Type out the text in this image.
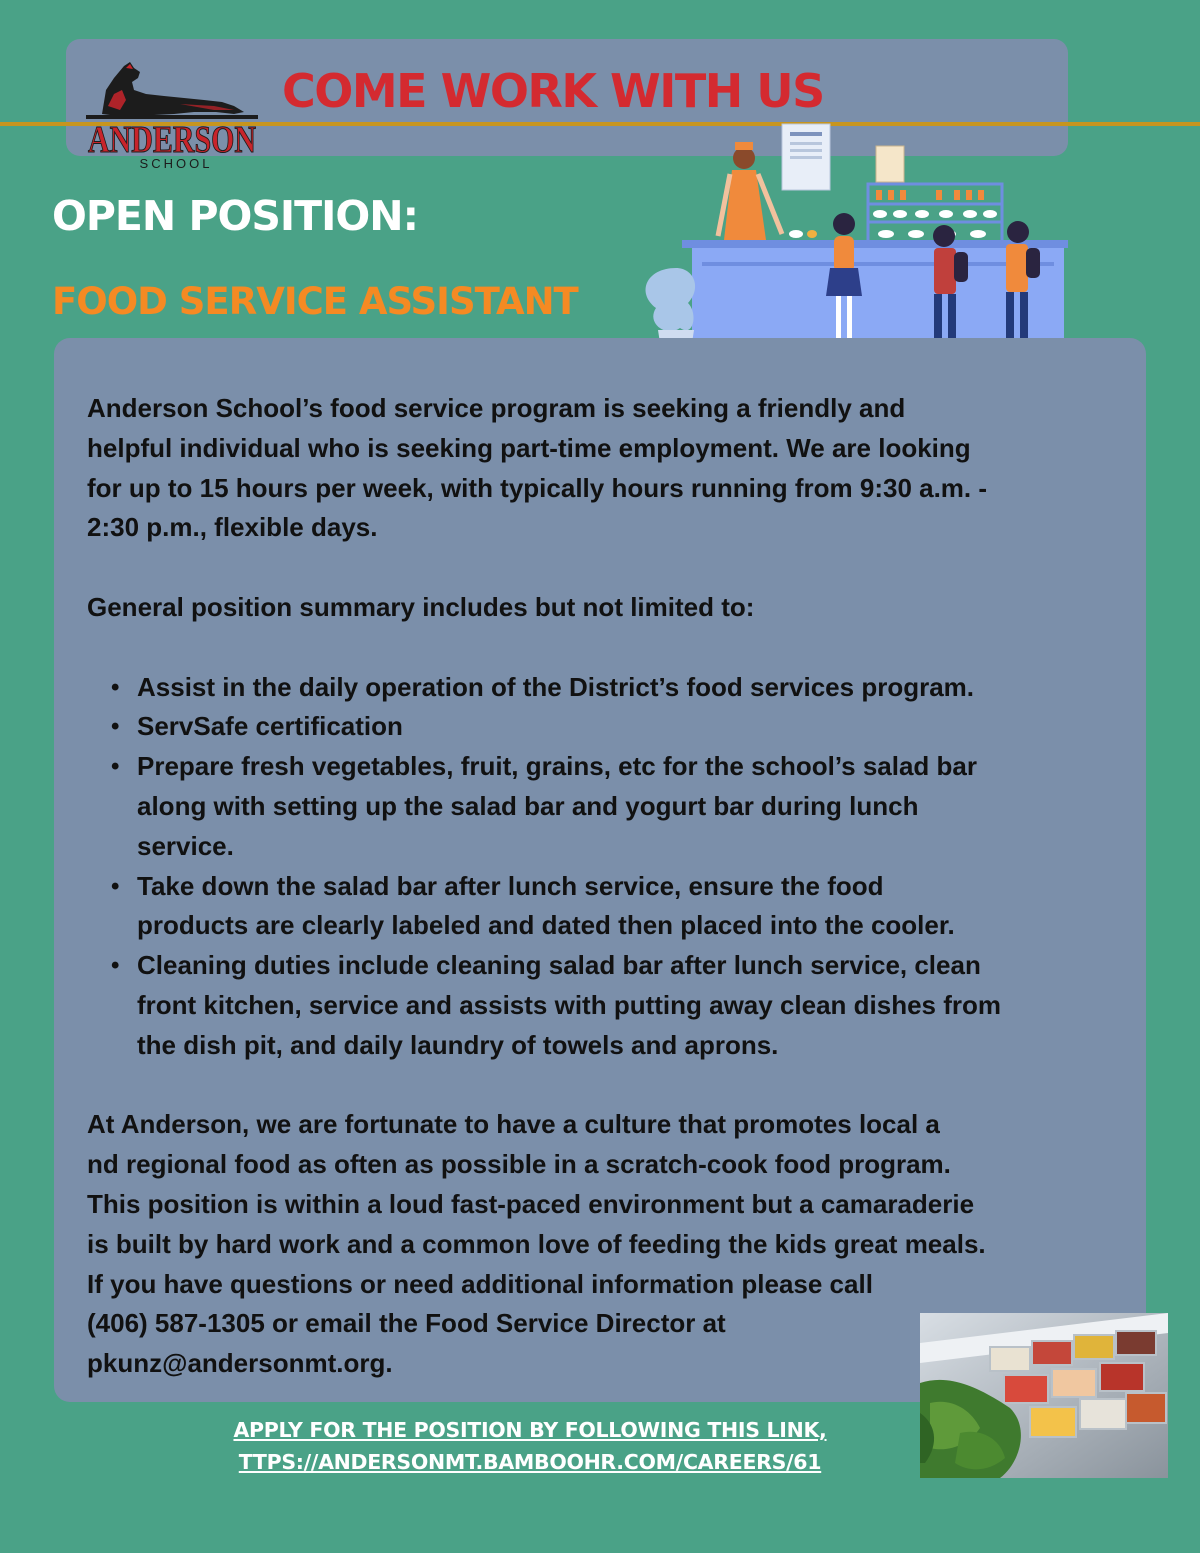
ANDERSON
SCHOOL
COME WORK WITH US
OPEN POSITION:
FOOD SERVICE ASSISTANT

Anderson School’s food service program is seeking a friendly and

helpful individual who is seeking part-time employment. We are looking

for up to 15 hours per week, with typically hours running from 9:30 a.m. -

2:30 p.m., flexible days.

General position summary includes but not limited to:

• Assist in the daily operation of the District’s food services program.

• ServSafe certification

• Prepare fresh vegetables, fruit, grains, etc for the school’s salad bar

along with setting up the salad bar and yogurt bar during lunch

service.

• Take down the salad bar after lunch service, ensure the food

products are clearly labeled and dated then placed into the cooler.

• Cleaning duties include cleaning salad bar after lunch service, clean

front kitchen, service and assists with putting away clean dishes from

the dish pit, and daily laundry of towels and aprons.

At Anderson, we are fortunate to have a culture that promotes local a

nd regional food as often as possible in a scratch-cook food program.

This position is within a loud fast-paced environment but a camaraderie

is built by hard work and a common love of feeding the kids great meals.

If you have questions or need additional information please call

(406) 587-1305 or email the Food Service Director at

pkunz@andersonmt.org.

APPLY FOR THE POSITION BY FOLLOWING THIS LINK,
TTPS://ANDERSONMT.BAMBOOHR.COM/CAREERS/61
